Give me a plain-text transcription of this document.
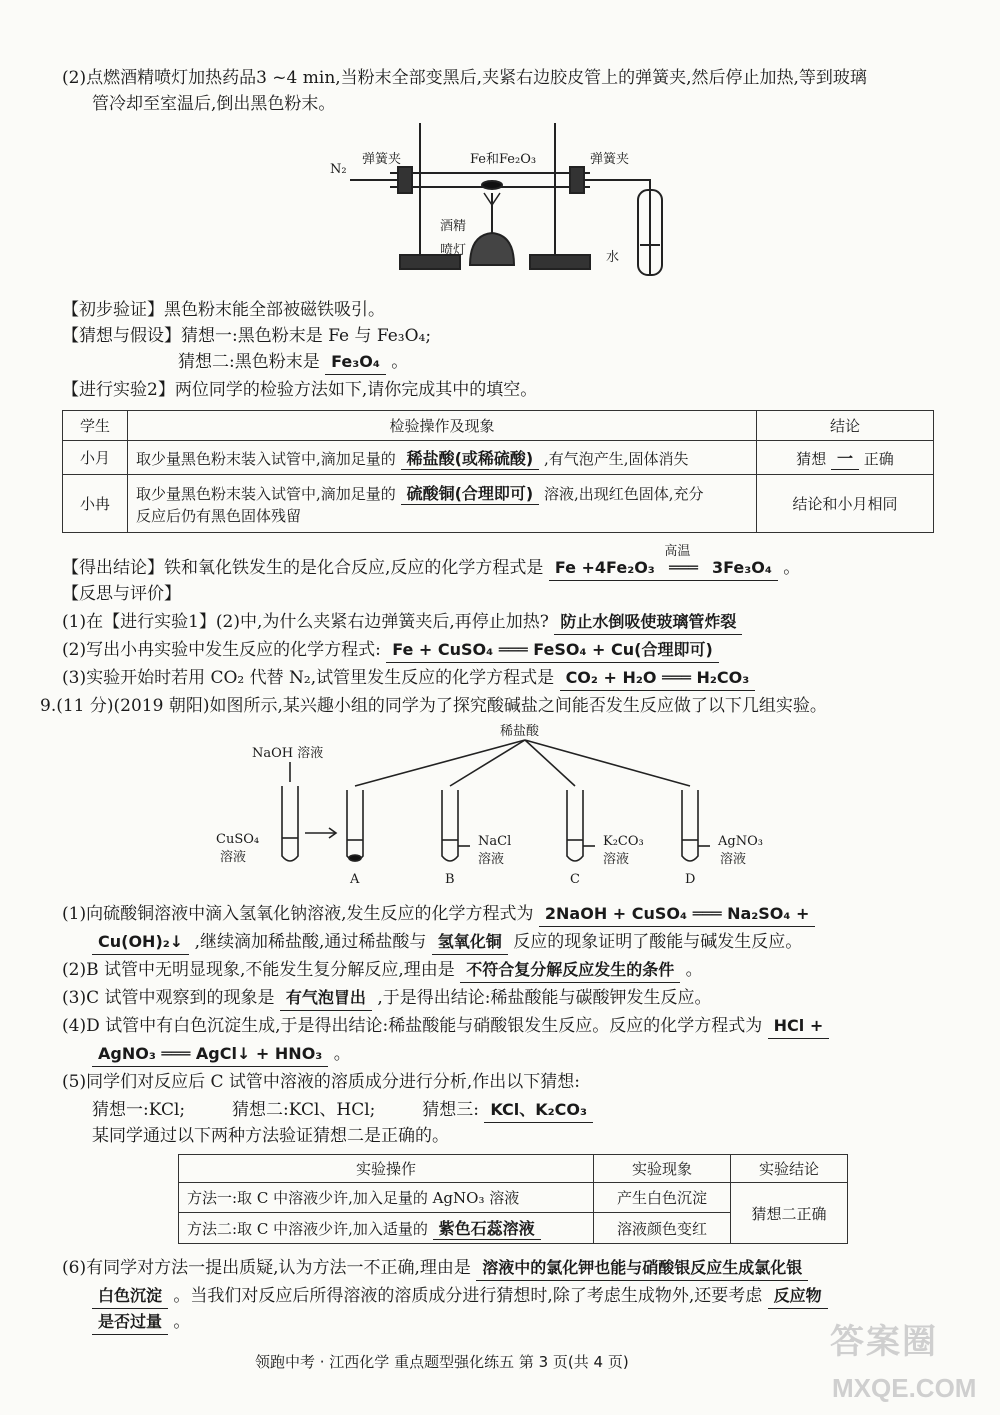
(2)点燃酒精喷灯加热药品3 ~4 min,当粉末全部变黑后,夹紧右边胶皮管上的弹簧夹,然后停止加热,等到玻璃
管冷却至室温后,倒出黑色粉末。
N₂
弹簧夹	Fe和Fe₂O₃	弹簧夹
酒精喷灯	水
【初步验证】黑色粉末能全部被磁铁吸引。
【猜想与假设】猜想一:黑色粉末是 Fe 与 Fe₃O₄;
猜想二:黑色粉末是 Fe₃O₄ 。
【进行实验2】两位同学的检验方法如下,请你完成其中的填空。
学生	检验操作及现象	结论
小月	取少量黑色粉末装入试管中,滴加足量的 稀盐酸(或稀硫酸) ,有气泡产生,固体消失	猜想 一 正确
小冉	取少量黑色粉末装入试管中,滴加足量的 硫酸铜(合理即可) 溶液,出现红色固体,充分
反应后仍有黑色固体残留	结论和小月相同
【得出结论】铁和氧化铁发生的是化合反应,反应的化学方程式是 Fe +4Fe₂O₃
高温
═══ 3Fe₃O₄ 。
【反思与评价】
(1)在【进行实验1】(2)中,为什么夹紧右边弹簧夹后,再停止加热? 防止水倒吸使玻璃管炸裂
(2)写出小冉实验中发生反应的化学方程式: Fe + CuSO₄ ═══ FeSO₄ + Cu(合理即可)
(3)实验开始时若用 CO₂ 代替 N₂,试管里发生反应的化学方程式是 CO₂ + H₂O ═══ H₂CO₃
9.(11 分)(2019 朝阳)如图所示,某兴趣小组的同学为了探究酸碱盐之间能否发生反应做了以下几组实验。
稀盐酸
NaOH 溶液
CuSO₄
溶液
NaCl
溶液
K₂CO₃
溶液
AgNO₃
溶液
A	B	C	D
(1)向硫酸铜溶液中滴入氢氧化钠溶液,发生反应的化学方程式为 2NaOH + CuSO₄ ═══ Na₂SO₄ +
Cu(OH)₂↓ ,继续滴加稀盐酸,通过稀盐酸与 氢氧化铜 反应的现象证明了酸能与碱发生反应。
(2)B 试管中无明显现象,不能发生复分解反应,理由是 不符合复分解反应发生的条件 。
(3)C 试管中观察到的现象是 有气泡冒出 ,于是得出结论:稀盐酸能与碳酸钾发生反应。
(4)D 试管中有白色沉淀生成,于是得出结论:稀盐酸能与硝酸银发生反应。反应的化学方程式为 HCl +
AgNO₃ ═══ AgCl↓ + HNO₃ 。
(5)同学们对反应后 C 试管中溶液的溶质成分进行分析,作出以下猜想:
猜想一:KCl;	猜想二:KCl、HCl;	猜想三: KCl、K₂CO₃
某同学通过以下两种方法验证猜想二是正确的。
实验操作	实验现象	实验结论
方法一:取 C 中溶液少许,加入足量的 AgNO₃ 溶液	产生白色沉淀	猜想二正确
方法二:取 C 中溶液少许,加入适量的 紫色石蕊溶液	溶液颜色变红	
(6)有同学对方法一提出质疑,认为方法一不正确,理由是 溶液中的氯化钾也能与硝酸银反应生成氯化银
白色沉淀 。当我们对反应后所得溶液的溶质成分进行猜想时,除了考虑生成物外,还要考虑 反应物
是否过量 。
领跑中考 · 江西化学 重点题型强化练五 第 3 页(共 4 页)
答案圈
MXQE.COM
